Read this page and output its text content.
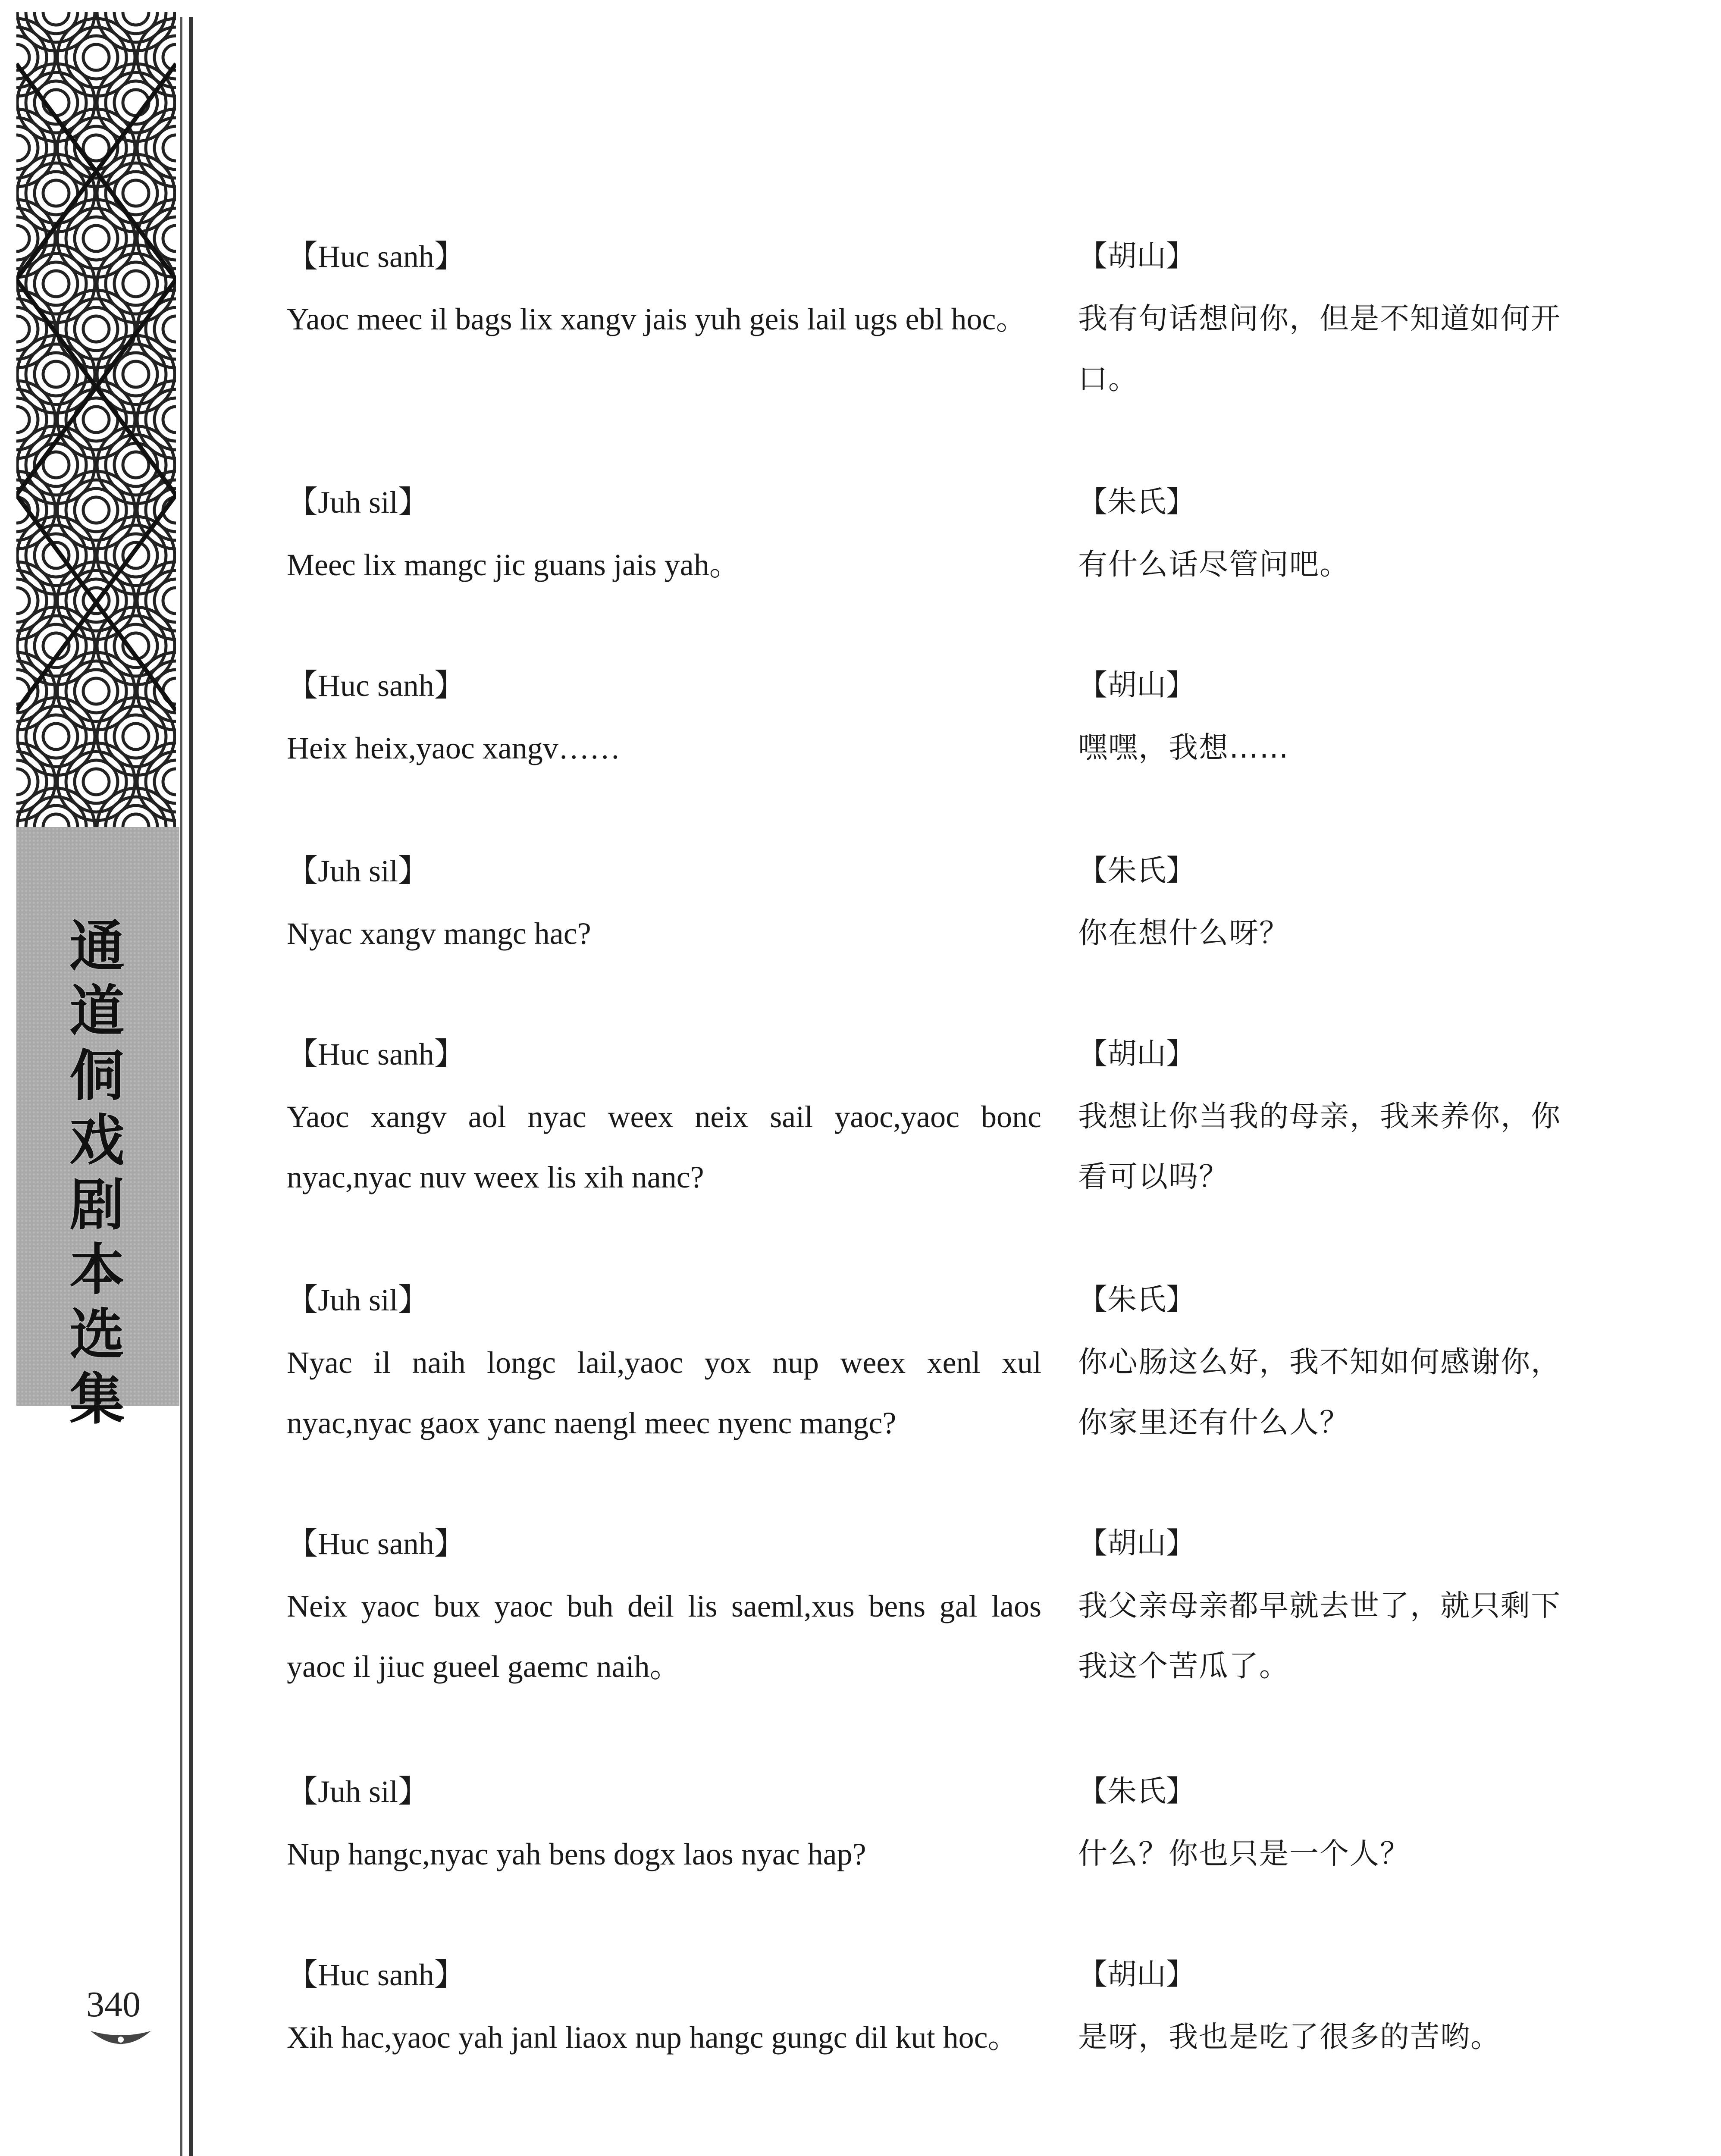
通道侗戏剧本选集
340
【Huc sanh】
Yaoc meec il bags lix xangv jais yuh geis lail ugs ebl hoc。
【胡山】
我有句话想问你，但是不知道如何开口。
【Juh sil】
Meec lix mangc jic guans jais yah。
【朱氏】
有什么话尽管问吧。
【Huc sanh】
Heix heix,yaoc xangv……
【胡山】
嘿嘿，我想……
【Juh sil】
Nyac xangv mangc hac?
【朱氏】
你在想什么呀？
【Huc sanh】
Yaoc xangv aol nyac weex neix sail yaoc,yaoc bonc nyac,nyac nuv weex lis xih nanc?
【胡山】
我想让你当我的母亲，我来养你，你看可以吗？
【Juh sil】
Nyac il naih longc lail,yaoc yox nup weex xenl xul nyac,nyac gaox yanc naengl meec nyenc mangc?
【朱氏】
你心肠这么好，我不知如何感谢你，你家里还有什么人？
【Huc sanh】
Neix yaoc bux yaoc buh deil lis saeml,xus bens gal laos yaoc il jiuc gueel gaemc naih。
【胡山】
我父亲母亲都早就去世了，就只剩下我这个苦瓜了。
【Juh sil】
Nup hangc,nyac yah bens dogx laos nyac hap?
【朱氏】
什么？你也只是一个人？
【Huc sanh】
Xih hac,yaoc yah janl liaox nup hangc gungc dil kut hoc。
【胡山】
是呀，我也是吃了很多的苦哟。
